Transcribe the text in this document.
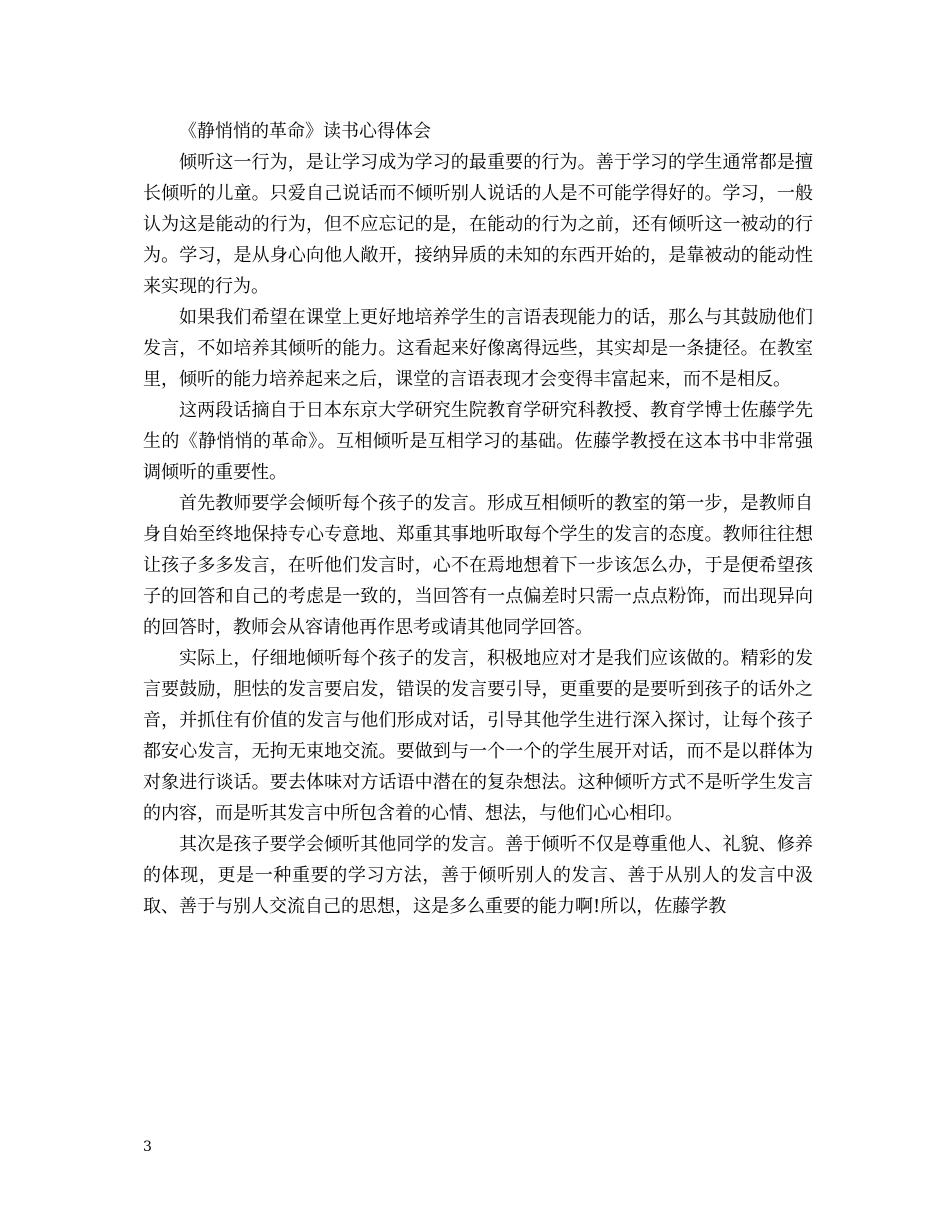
《静悄悄的革命》读书心得体会

倾听这一行为，是让学习成为学习的最重要的行为。善于学习的学生通常都是擅长倾听的儿童。只爱自己说话而不倾听别人说话的人是不可能学得好的。学习，一般认为这是能动的行为，但不应忘记的是，在能动的行为之前，还有倾听这一被动的行为。学习，是从身心向他人敞开，接纳异质的未知的东西开始的，是靠被动的能动性来实现的行为。

如果我们希望在课堂上更好地培养学生的言语表现能力的话，那么与其鼓励他们发言，不如培养其倾听的能力。这看起来好像离得远些，其实却是一条捷径。在教室里，倾听的能力培养起来之后，课堂的言语表现才会变得丰富起来，而不是相反。

这两段话摘自于日本东京大学研究生院教育学研究科教授、教育学博士佐藤学先生的《静悄悄的革命》。互相倾听是互相学习的基础。佐藤学教授在这本书中非常强调倾听的重要性。

首先教师要学会倾听每个孩子的发言。形成互相倾听的教室的第一步，是教师自身自始至终地保持专心专意地、郑重其事地听取每个学生的发言的态度。教师往往想让孩子多多发言，在听他们发言时，心不在焉地想着下一步该怎么办，于是便希望孩子的回答和自己的考虑是一致的，当回答有一点偏差时只需一点点粉饰，而出现异向的回答时，教师会从容请他再作思考或请其他同学回答。

实际上，仔细地倾听每个孩子的发言，积极地应对才是我们应该做的。精彩的发言要鼓励，胆怯的发言要启发，错误的发言要引导，更重要的是要听到孩子的话外之音，并抓住有价值的发言与他们形成对话，引导其他学生进行深入探讨，让每个孩子都安心发言，无拘无束地交流。要做到与一个一个的学生展开对话，而不是以群体为对象进行谈话。要去体味对方话语中潜在的复杂想法。这种倾听方式不是听学生发言的内容，而是听其发言中所包含着的心情、想法，与他们心心相印。

其次是孩子要学会倾听其他同学的发言。善于倾听不仅是尊重他人、礼貌、修养的体现，更是一种重要的学习方法，善于倾听别人的发言、善于从别人的发言中汲取、善于与别人交流自己的思想，这是多么重要的能力啊!所以，佐藤学教

3
